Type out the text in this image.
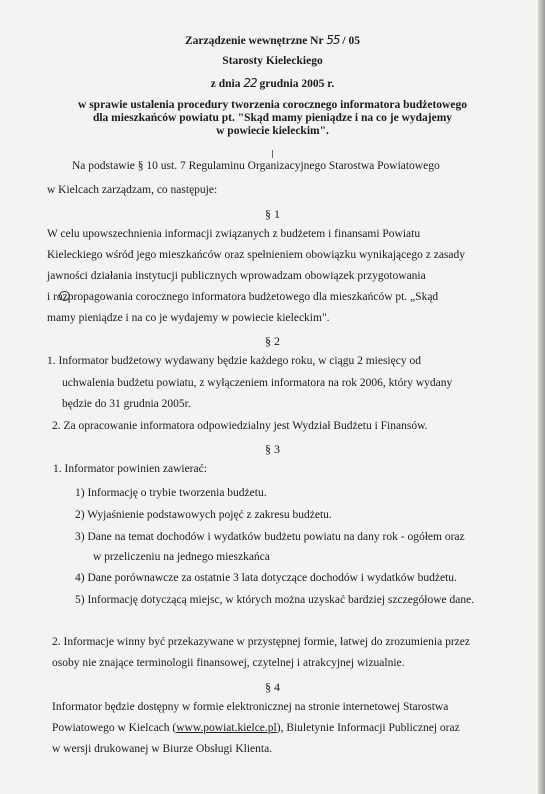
Zarządzenie wewnętrzne Nr 55 / 05
Starosty Kieleckiego
z dnia 22 grudnia 2005 r.
w sprawie ustalenia procedury tworzenia corocznego informatora budżetowego
dla mieszkańców powiatu pt. "Skąd mamy pieniądze i na co je wydajemy
w powiecie kieleckim".
Na podstawie § 10 ust. 7 Regulaminu Organizacyjnego Starostwa Powiatowego
w Kielcach zarządzam, co następuje:
§ 1
W celu upowszechnienia informacji związanych z budżetem i finansami Powiatu
Kieleckiego wśród jego mieszkańców oraz spełnieniem obowiązku wynikającego z zasady
jawności działania instytucji publicznych wprowadzam obowiązek przygotowania
i rozpropagowania corocznego informatora budżetowego dla mieszkańców pt. „Skąd
mamy pieniądze i na co je wydajemy w powiecie kieleckim".
§ 2
1. Informator budżetowy wydawany będzie każdego roku, w ciągu 2 miesięcy od
uchwalenia budżetu powiatu, z wyłączeniem informatora na rok 2006, który wydany
będzie do 31 grudnia 2005r.
2. Za opracowanie informatora odpowiedzialny jest Wydział Budżetu i Finansów.
§ 3
1. Informator powinien zawierać:
1) Informację o trybie tworzenia budżetu.
2) Wyjaśnienie podstawowych pojęć z zakresu budżetu.
3) Dane na temat dochodów i wydatków budżetu powiatu na dany rok - ogółem oraz
w przeliczeniu na jednego mieszkańca
4) Dane porównawcze za ostatnie 3 lata dotyczące dochodów i wydatków budżetu.
5) Informację dotyczącą miejsc, w których można uzyskać bardziej szczegółowe dane.
2. Informacje winny być przekazywane w przystępnej formie, łatwej do zrozumienia przez
osoby nie znające terminologii finansowej, czytelnej i atrakcyjnej wizualnie.
§ 4
Informator będzie dostępny w formie elektronicznej na stronie internetowej Starostwa
Powiatowego w Kielcach (www.powiat.kielce.pl), Biuletynie Informacji Publicznej oraz
w wersji drukowanej w Biurze Obsługi Klienta.
